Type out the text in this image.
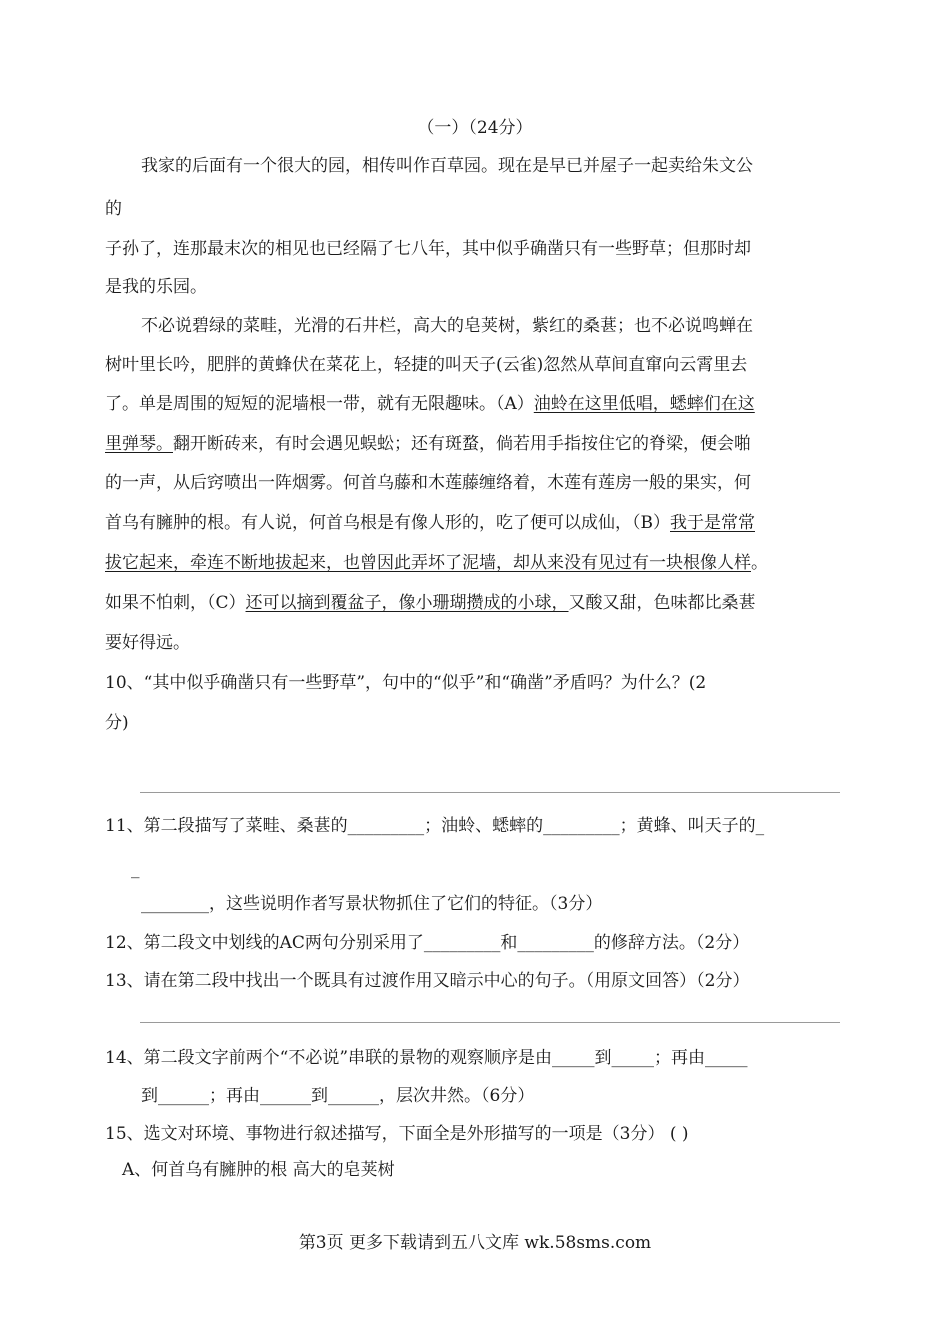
（一）（24分）
我家的后面有一个很大的园，相传叫作百草园。现在是早已并屋子一起卖给朱文公
的
子孙了，连那最末次的相见也已经隔了七八年，其中似乎确凿只有一些野草；但那时却
是我的乐园。
不必说碧绿的菜畦，光滑的石井栏，高大的皂荚树，紫红的桑葚；也不必说鸣蝉在
树叶里长吟，肥胖的黄蜂伏在菜花上，轻捷的叫天子(云雀)忽然从草间直窜向云霄里去
了。单是周围的短短的泥墙根一带，就有无限趣味。（A）油蛉在这里低唱，蟋蟀们在这
里弹琴。翻开断砖来，有时会遇见蜈蚣；还有斑蝥，倘若用手指按住它的脊梁，便会啪
的一声，从后窍喷出一阵烟雾。何首乌藤和木莲藤缠络着，木莲有莲房一般的果实，何
首乌有臃肿的根。有人说，何首乌根是有像人形的，吃了便可以成仙，（B）我于是常常
拔它起来，牵连不断地拔起来，也曾因此弄坏了泥墙，却从来没有见过有一块根像人样。
如果不怕刺，（C）还可以摘到覆盆子，像小珊瑚攒成的小球，又酸又甜，色味都比桑葚
要好得远。
10、“其中似乎确凿只有一些野草”，句中的“似乎”和“确凿”矛盾吗？为什么？(2
分)
11、第二段描写了菜畦、桑葚的_________；油蛉、蟋蟀的_________；黄蜂、叫天子的_
_
________，这些说明作者写景状物抓住了它们的特征。（3分）
12、第二段文中划线的AC两句分别采用了_________和_________的修辞方法。（2分）
13、请在第二段中找出一个既具有过渡作用又暗示中心的句子。（用原文回答）（2分）
14、第二段文字前两个“不必说”串联的景物的观察顺序是由_____到_____；再由_____
到______；再由______到______，层次井然。（6分）
15、选文对环境、事物进行叙述描写，下面全是外形描写的一项是（3分） ( )
A、何首乌有臃肿的根 高大的皂荚树
第3页 更多下载请到五八文库 wk.58sms.com
